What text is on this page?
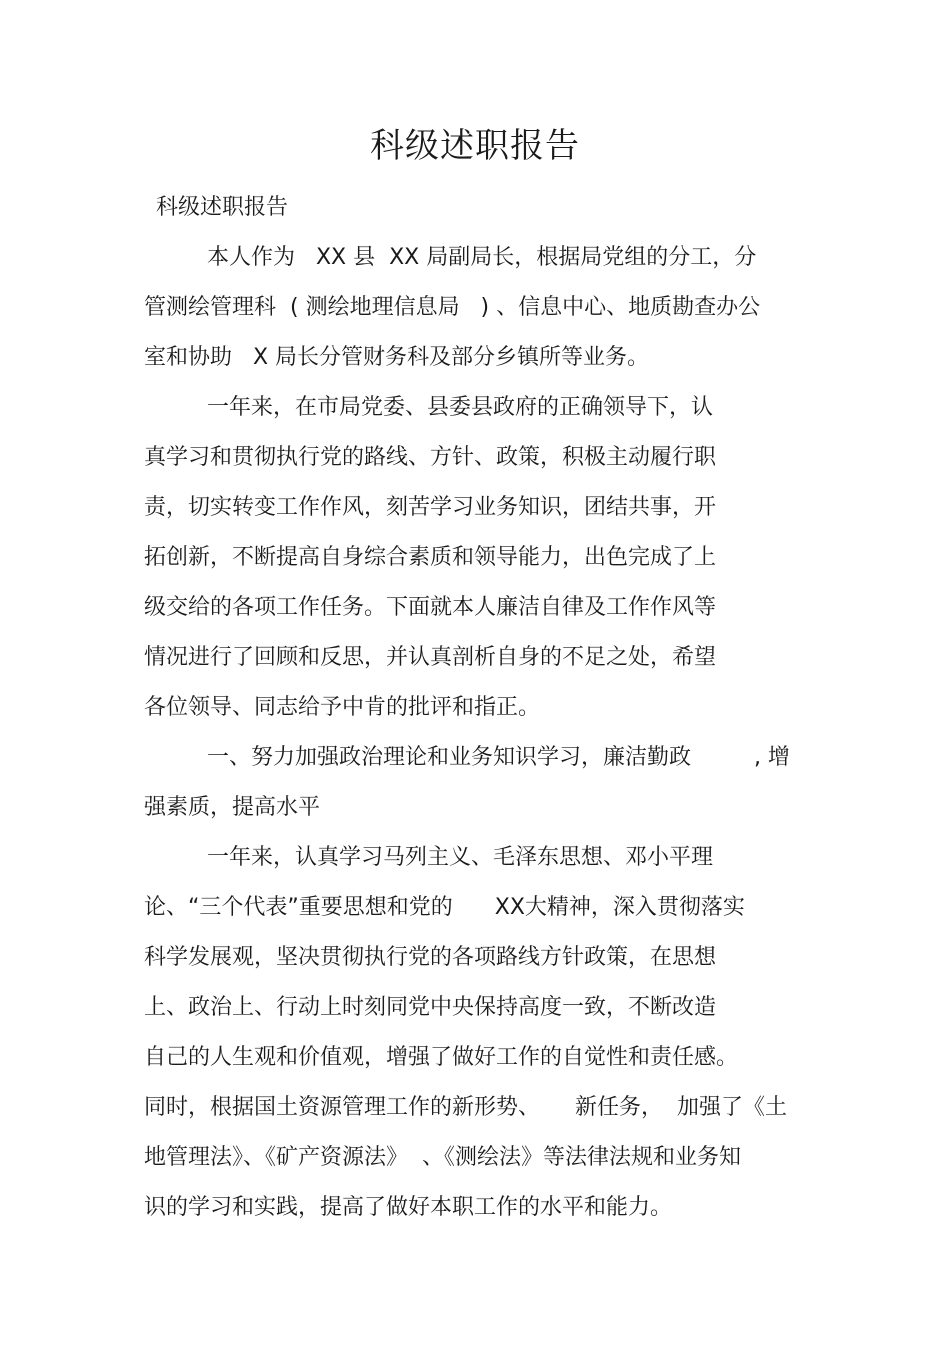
科级述职报告
科级述职报告
本人作为   XX 县  XX 局副局长，根据局党组的分工，分
管测绘管理科  ( 测绘地理信息局   ) 、信息中心、地质勘查办公
室和协助   X 局长分管财务科及部分乡镇所等业务。
一年来，在市局党委、县委县政府的正确领导下，认
真学习和贯彻执行党的路线、方针、政策，积极主动履行职
责，切实转变工作作风，刻苦学习业务知识，团结共事，开
拓创新，不断提高自身综合素质和领导能力，出色完成了上
级交给的各项工作任务。下面就本人廉洁自律及工作作风等
情况进行了回顾和反思，并认真剖析自身的不足之处，希望
各位领导、同志给予中肯的批评和指正。
一、努力加强政治理论和业务知识学习，廉洁勤政         , 增
强素质，提高水平
一年来，认真学习马列主义、毛泽东思想、邓小平理
论、“三个代表”重要思想和党的      XX大精神，深入贯彻落实
科学发展观，坚决贯彻执行党的各项路线方针政策，在思想
上、政治上、行动上时刻同党中央保持高度一致，不断改造
自己的人生观和价值观，增强了做好工作的自觉性和责任感。
同时，根据国土资源管理工作的新形势、     新任务，  加强了《土
地管理法》、《矿产资源法》  、《测绘法》等法律法规和业务知
识的学习和实践，提高了做好本职工作的水平和能力。
